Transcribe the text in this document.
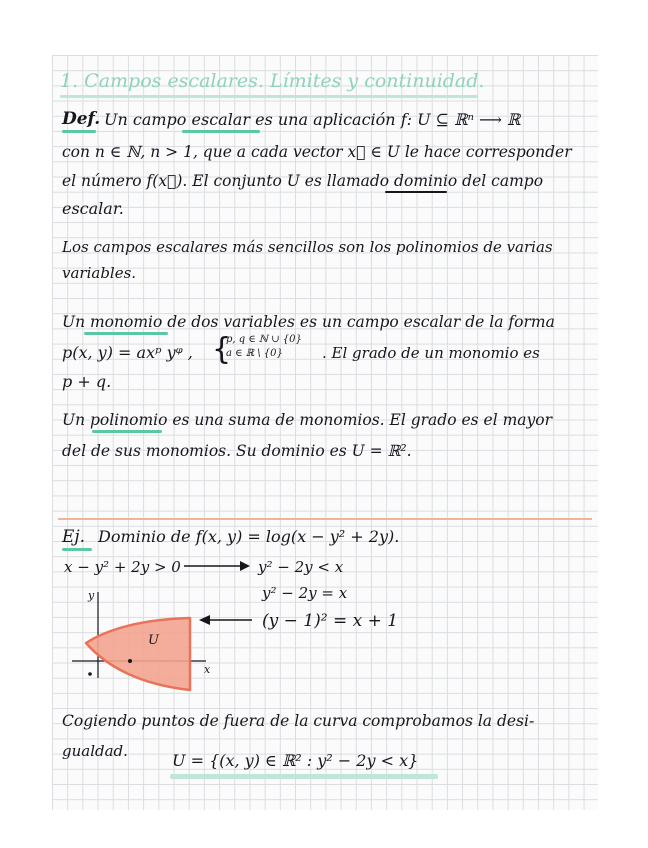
1. Campos escalares. Límites y continuidad.
Def. Un campo escalar es una aplicación f: U ⊆ ℝⁿ ⟶ ℝ
con n ∈ ℕ, n > 1, que a cada vector x⃗ ∈ U le hace corresponder
el número f(x⃗). El conjunto U es llamado dominio del campo
escalar.
Los campos escalares más sencillos son los polinomios de varias
variables.
Un monomio de dos variables es un campo escalar de la forma
p(x, y) = axᵖ yᵠ , {
p, q ∈ ℕ ∪ {0}
a ∈ ℝ \ {0}	. El grado de un monomio es
p + q.
Un polinomio es una suma de monomios. El grado es el mayor
del de sus monomios. Su dominio es U = ℝ².
Ej. Dominio de f(x, y) = log(x − y² + 2y).
x − y² + 2y > 0	y² − 2y < x
y² − 2y = x
(y − 1)² = x + 1
y
x
U
Cogiendo puntos de fuera de la curva comprobamos la desi-
gualdad.	U = {(x, y) ∈ ℝ² : y² − 2y < x}
